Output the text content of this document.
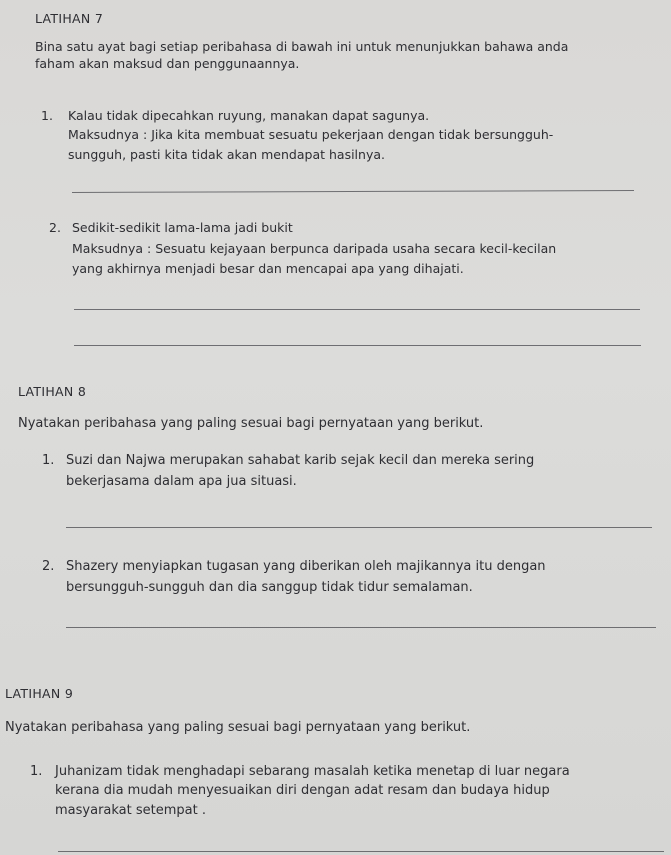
LATIHAN 7
Bina satu ayat bagi setiap peribahasa di bawah ini untuk menunjukkan bahawa anda
faham akan maksud dan penggunaannya.
1. Kalau tidak dipecahkan ruyung, manakan dapat sagunya.
Maksudnya : Jika kita membuat sesuatu pekerjaan dengan tidak bersungguh-
sungguh, pasti kita tidak akan mendapat hasilnya.
2. Sedikit-sedikit lama-lama jadi bukit
Maksudnya : Sesuatu kejayaan berpunca daripada usaha secara kecil-kecilan
yang akhirnya menjadi besar dan mencapai apa yang dihajati.
LATIHAN 8
Nyatakan peribahasa yang paling sesuai bagi pernyataan yang berikut.
1. Suzi dan Najwa merupakan sahabat karib sejak kecil dan mereka sering
bekerjasama dalam apa jua situasi.
2. Shazery menyiapkan tugasan yang diberikan oleh majikannya itu dengan
bersungguh-sungguh dan dia sanggup tidak tidur semalaman.
LATIHAN 9
Nyatakan peribahasa yang paling sesuai bagi pernyataan yang berikut.
1. Juhanizam tidak menghadapi sebarang masalah ketika menetap di luar negara
kerana dia mudah menyesuaikan diri dengan adat resam dan budaya hidup
masyarakat setempat .
